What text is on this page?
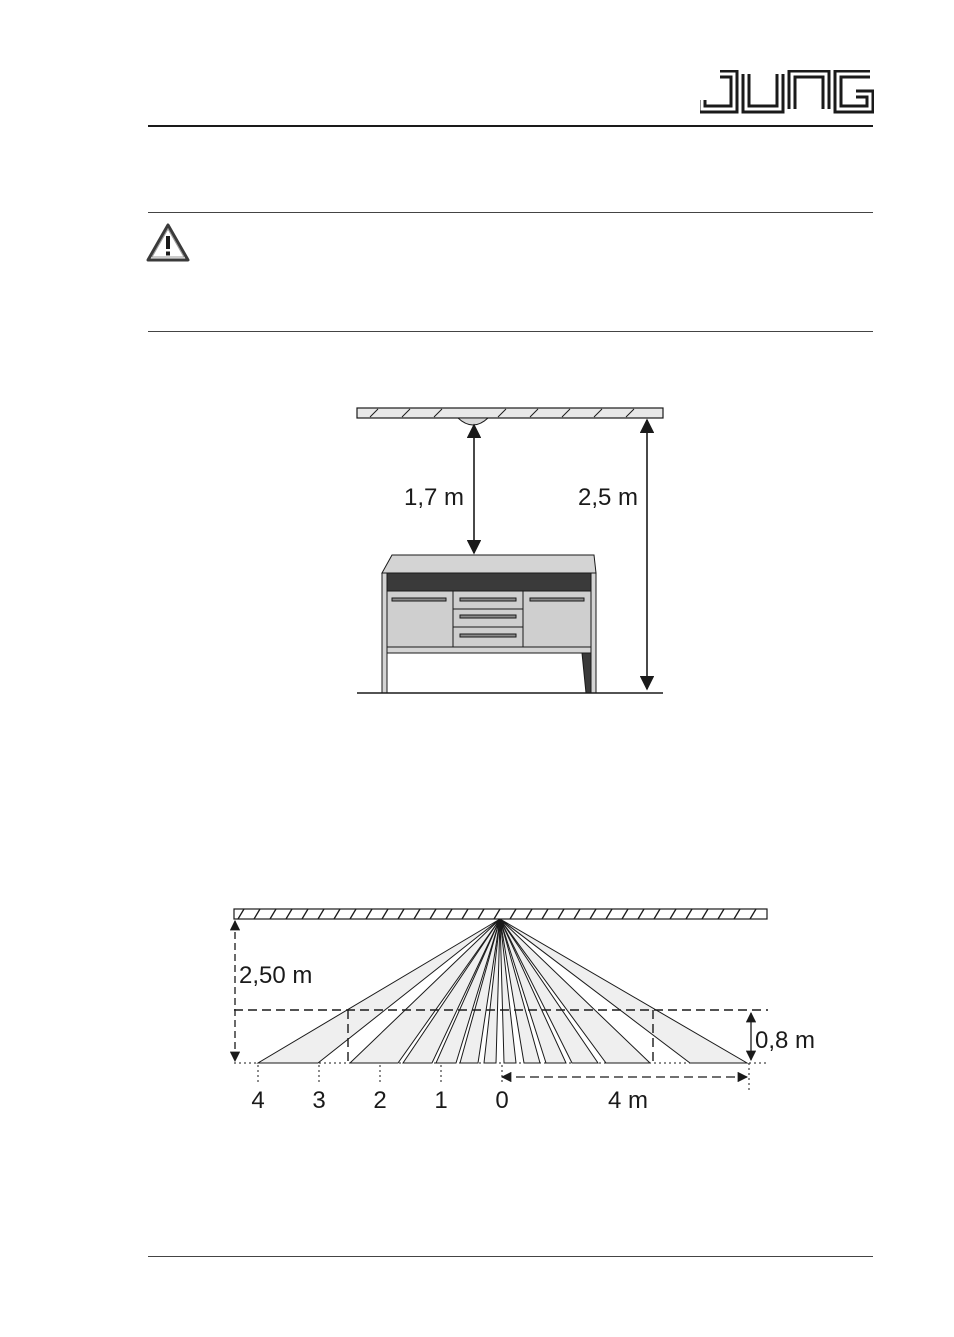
1,7 m	2,5 m
2,50 m
0,8 m
4 m
4 3 2 1 0
